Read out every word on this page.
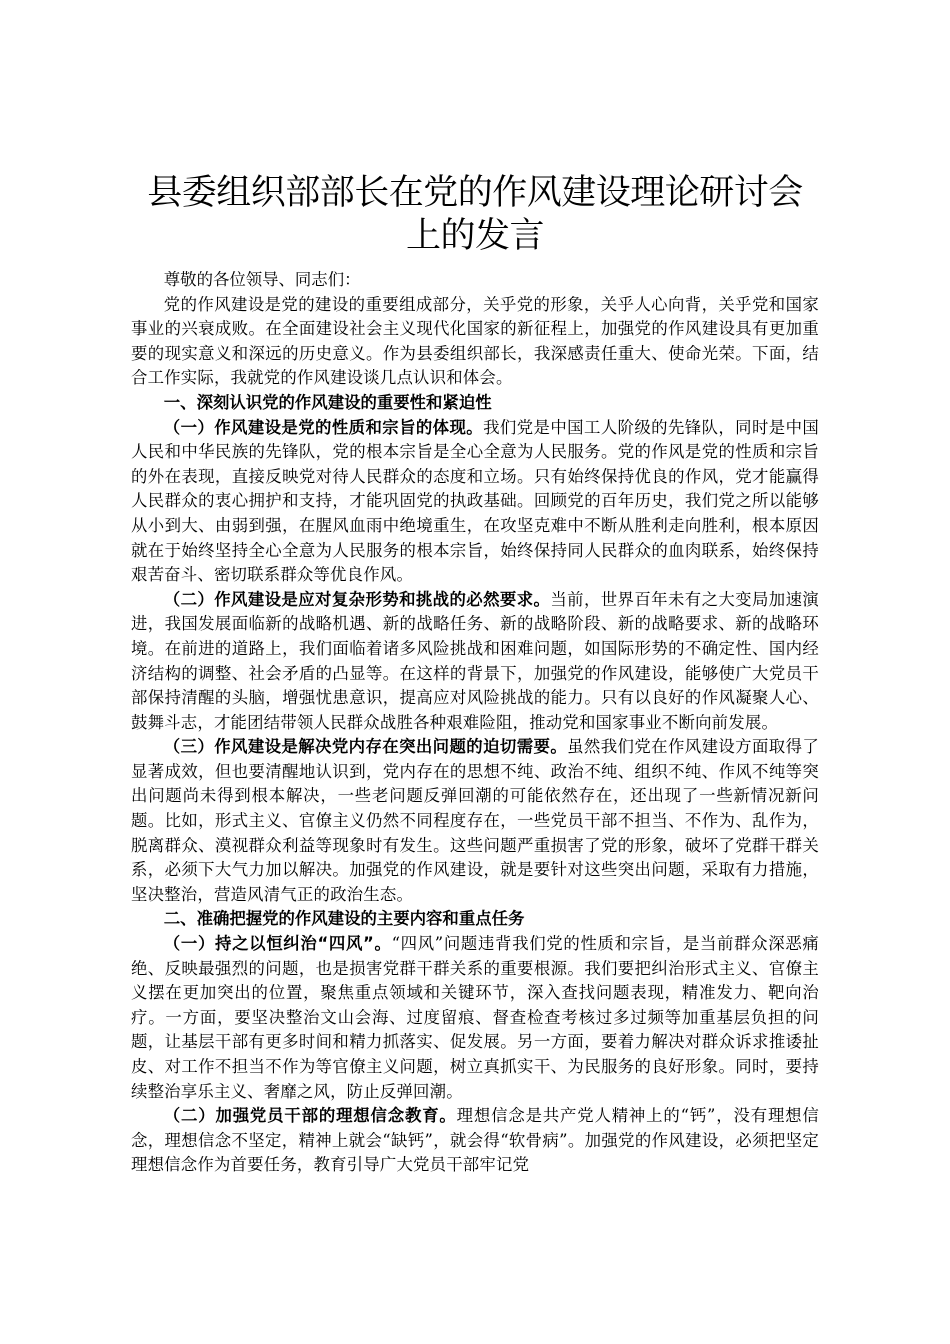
县委组织部部长在党的作风建设理论研讨会上的发言

尊敬的各位领导、同志们：

党的作风建设是党的建设的重要组成部分，关乎党的形象，关乎人心向背，关乎党和国家事业的兴衰成败。在全面建设社会主义现代化国家的新征程上，加强党的作风建设具有更加重要的现实意义和深远的历史意义。作为县委组织部长，我深感责任重大、使命光荣。下面，结合工作实际，我就党的作风建设谈几点认识和体会。

一、深刻认识党的作风建设的重要性和紧迫性

（一）作风建设是党的性质和宗旨的体现。我们党是中国工人阶级的先锋队，同时是中国人民和中华民族的先锋队，党的根本宗旨是全心全意为人民服务。党的作风是党的性质和宗旨的外在表现，直接反映党对待人民群众的态度和立场。只有始终保持优良的作风，党才能赢得人民群众的衷心拥护和支持，才能巩固党的执政基础。回顾党的百年历史，我们党之所以能够从小到大、由弱到强，在腥风血雨中绝境重生，在攻坚克难中不断从胜利走向胜利，根本原因就在于始终坚持全心全意为人民服务的根本宗旨，始终保持同人民群众的血肉联系，始终保持艰苦奋斗、密切联系群众等优良作风。

（二）作风建设是应对复杂形势和挑战的必然要求。当前，世界百年未有之大变局加速演进，我国发展面临新的战略机遇、新的战略任务、新的战略阶段、新的战略要求、新的战略环境。在前进的道路上，我们面临着诸多风险挑战和困难问题，如国际形势的不确定性、国内经济结构的调整、社会矛盾的凸显等。在这样的背景下，加强党的作风建设，能够使广大党员干部保持清醒的头脑，增强忧患意识，提高应对风险挑战的能力。只有以良好的作风凝聚人心、鼓舞斗志，才能团结带领人民群众战胜各种艰难险阻，推动党和国家事业不断向前发展。

（三）作风建设是解决党内存在突出问题的迫切需要。虽然我们党在作风建设方面取得了显著成效，但也要清醒地认识到，党内存在的思想不纯、政治不纯、组织不纯、作风不纯等突出问题尚未得到根本解决，一些老问题反弹回潮的可能依然存在，还出现了一些新情况新问题。比如，形式主义、官僚主义仍然不同程度存在，一些党员干部不担当、不作为、乱作为，脱离群众、漠视群众利益等现象时有发生。这些问题严重损害了党的形象，破坏了党群干群关系，必须下大气力加以解决。加强党的作风建设，就是要针对这些突出问题，采取有力措施，坚决整治，营造风清气正的政治生态。

二、准确把握党的作风建设的主要内容和重点任务

（一）持之以恒纠治“四风”。“四风”问题违背我们党的性质和宗旨，是当前群众深恶痛绝、反映最强烈的问题，也是损害党群干群关系的重要根源。我们要把纠治形式主义、官僚主义摆在更加突出的位置，聚焦重点领域和关键环节，深入查找问题表现，精准发力、靶向治疗。一方面，要坚决整治文山会海、过度留痕、督查检查考核过多过频等加重基层负担的问题，让基层干部有更多时间和精力抓落实、促发展。另一方面，要着力解决对群众诉求推诿扯皮、对工作不担当不作为等官僚主义问题，树立真抓实干、为民服务的良好形象。同时，要持续整治享乐主义、奢靡之风，防止反弹回潮。

（二）加强党员干部的理想信念教育。理想信念是共产党人精神上的“钙”，没有理想信念，理想信念不坚定，精神上就会“缺钙”，就会得“软骨病”。加强党的作风建设，必须把坚定理想信念作为首要任务，教育引导广大党员干部牢记党
